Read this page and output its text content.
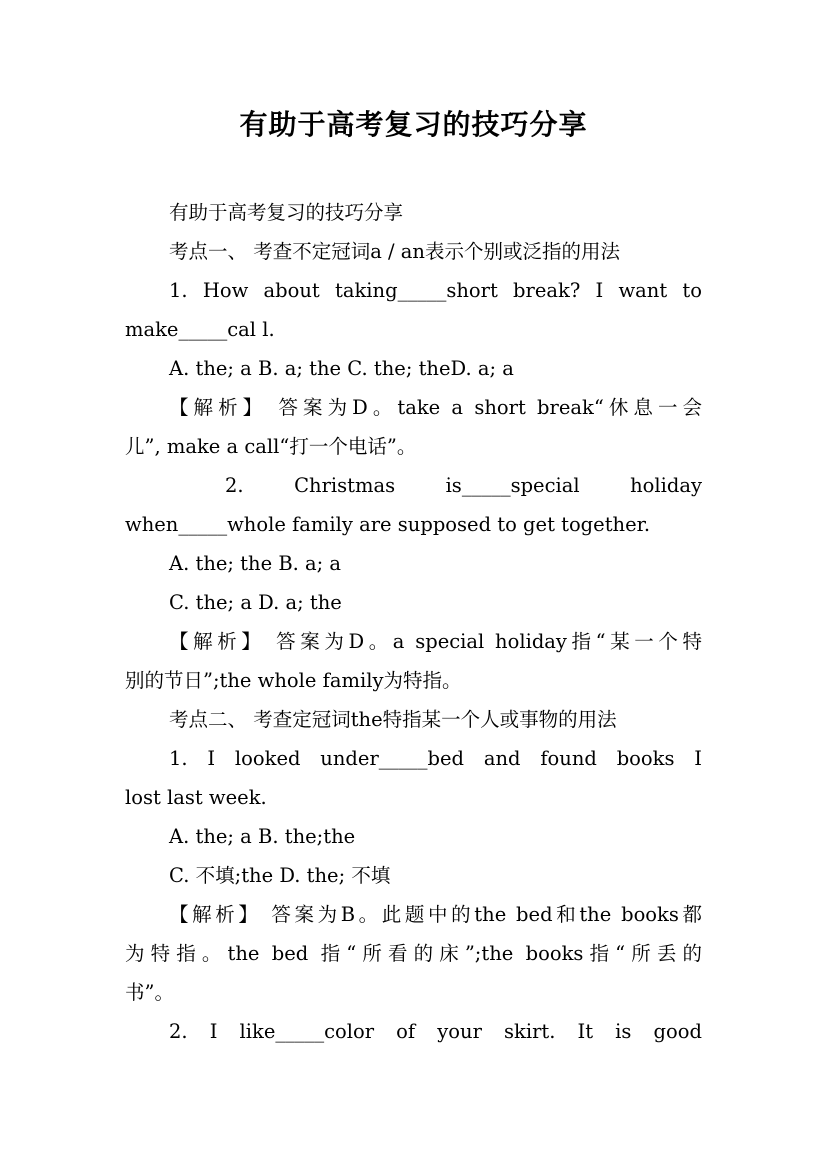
有助于高考复习的技巧分享

有助于高考复习的技巧分享

考点一、 考查不定冠词a / an表示个别或泛指的用法

1. How about taking_____short break? I want to

make_____cal l.

A. the; a B. a; the C. the; theD. a; a

【解析】 答案为D。take a short break“休息一会

儿”, make a call“打一个电话”。

2.  Christmas  is_____special  holiday

when_____whole family are supposed to get together.

A. the; the B. a; a

C. the; a D. a; the

【解析】 答案为D。a special holiday指“某一个特

别的节日”;the whole family为特指。

考点二、 考查定冠词the特指某一个人或事物的用法

1. I looked under_____bed and found books I

lost last week.

A. the; a B. the;the

C. 不填;the D. the; 不填

【解析】 答案为B。此题中的the bed和the books都

为特指。the bed 指“所看的床”;the books指“所丢的

书”。

2. I like_____color of your skirt. It is good
